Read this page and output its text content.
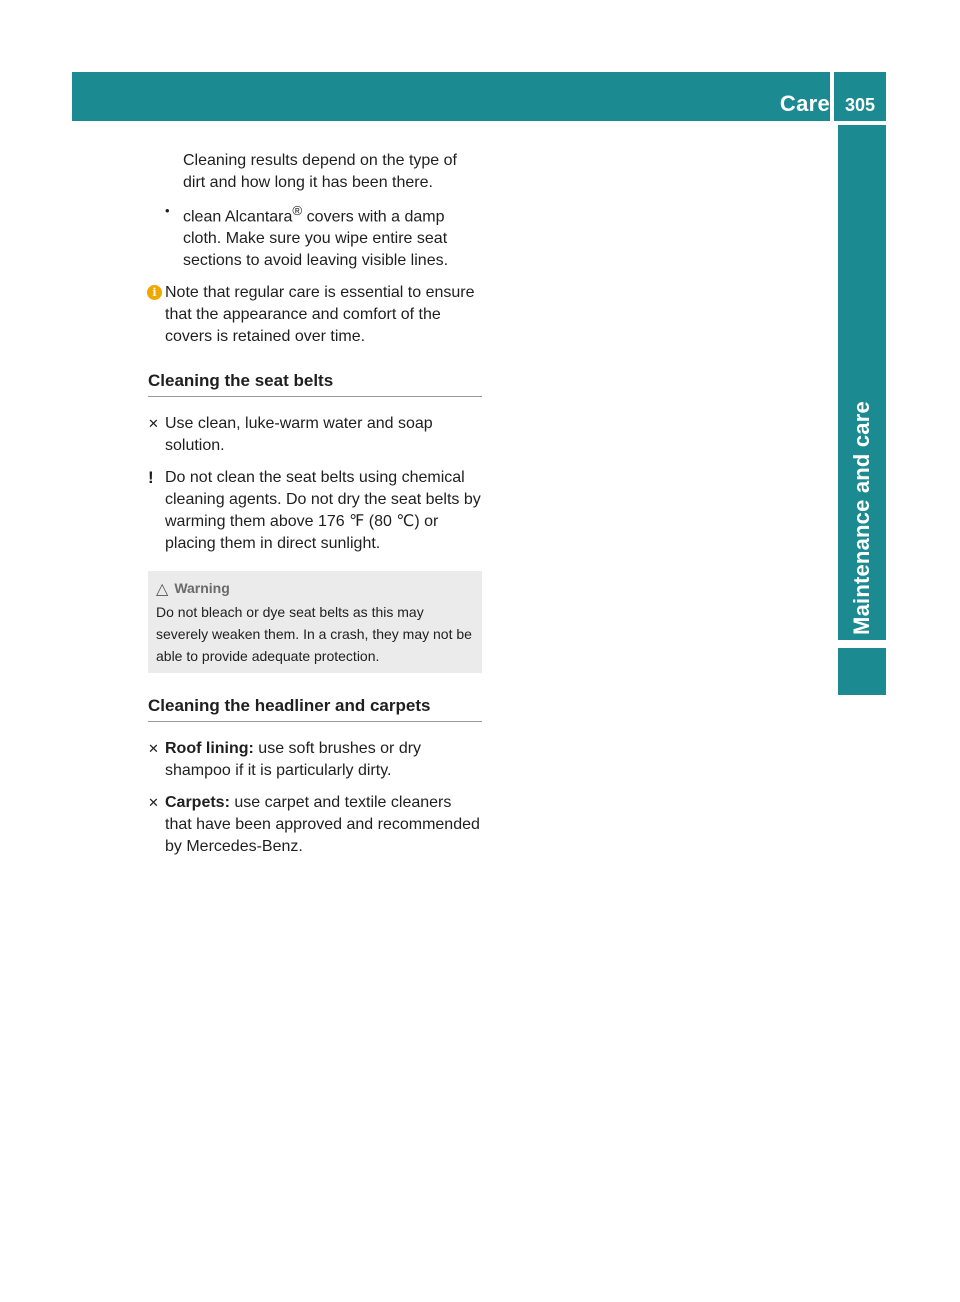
Care 305
Maintenance and care

Cleaning results depend on the type of dirt and how long it has been there.

• clean Alcantara® covers with a damp cloth. Make sure you wipe entire seat sections to avoid leaving visible lines.
i Note that regular care is essential to ensure that the appearance and comfort of the covers is retained over time.
Cleaning the seat belts
✕ Use clean, luke-warm water and soap solution.
! Do not clean the seat belts using chemical cleaning agents. Do not dry the seat belts by warming them above 176 ℉ (80 ℃) or placing them in direct sunlight.
△ Warning
Do not bleach or dye seat belts as this may severely weaken them. In a crash, they may not be able to provide adequate protection.
Cleaning the headliner and carpets
✕ Roof lining: use soft brushes or dry shampoo if it is particularly dirty.
✕ Carpets: use carpet and textile cleaners that have been approved and recommended by Mercedes-Benz.
